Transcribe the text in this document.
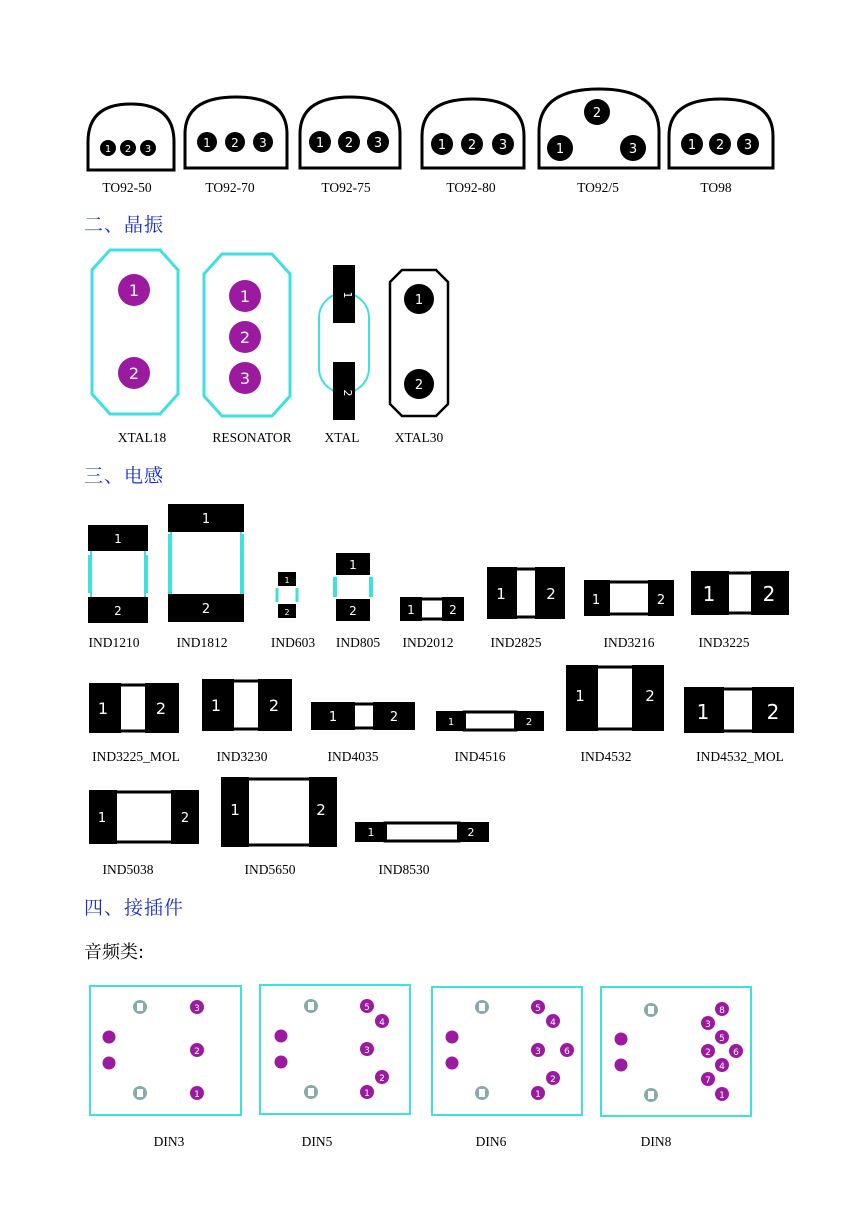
1 2 3
TO92-50
1 2 3
TO92-70
1 2 3
TO92-75
1 2 3
TO92-80
1
2
3
TO92/5
1 2 3
TO98
二、晶振
1
2
XTAL18
1
2
3
RESONATOR
1
2
XTAL
1
2
XTAL30
三、电感
1
2
IND1210
1
2
IND1812
1
2
IND603
1
2
IND805
1	2
IND2012
1	2
IND2825
1	2
IND3216
1 2
IND3225
1	2
IND3225_MOL
1	2
IND3230
1	2
IND4035
1	2
IND4516
1	2
IND4532
1	2
IND4532_MOL
1	2
IND5038
1	2
IND5650
1	2
IND8530
四、接插件
音频类:
3
2
1
DIN3
5
4
3
2
1
DIN5
5
4
3	6
2
1
DIN6
8
3
5
2 6
4
7
1
DIN8
